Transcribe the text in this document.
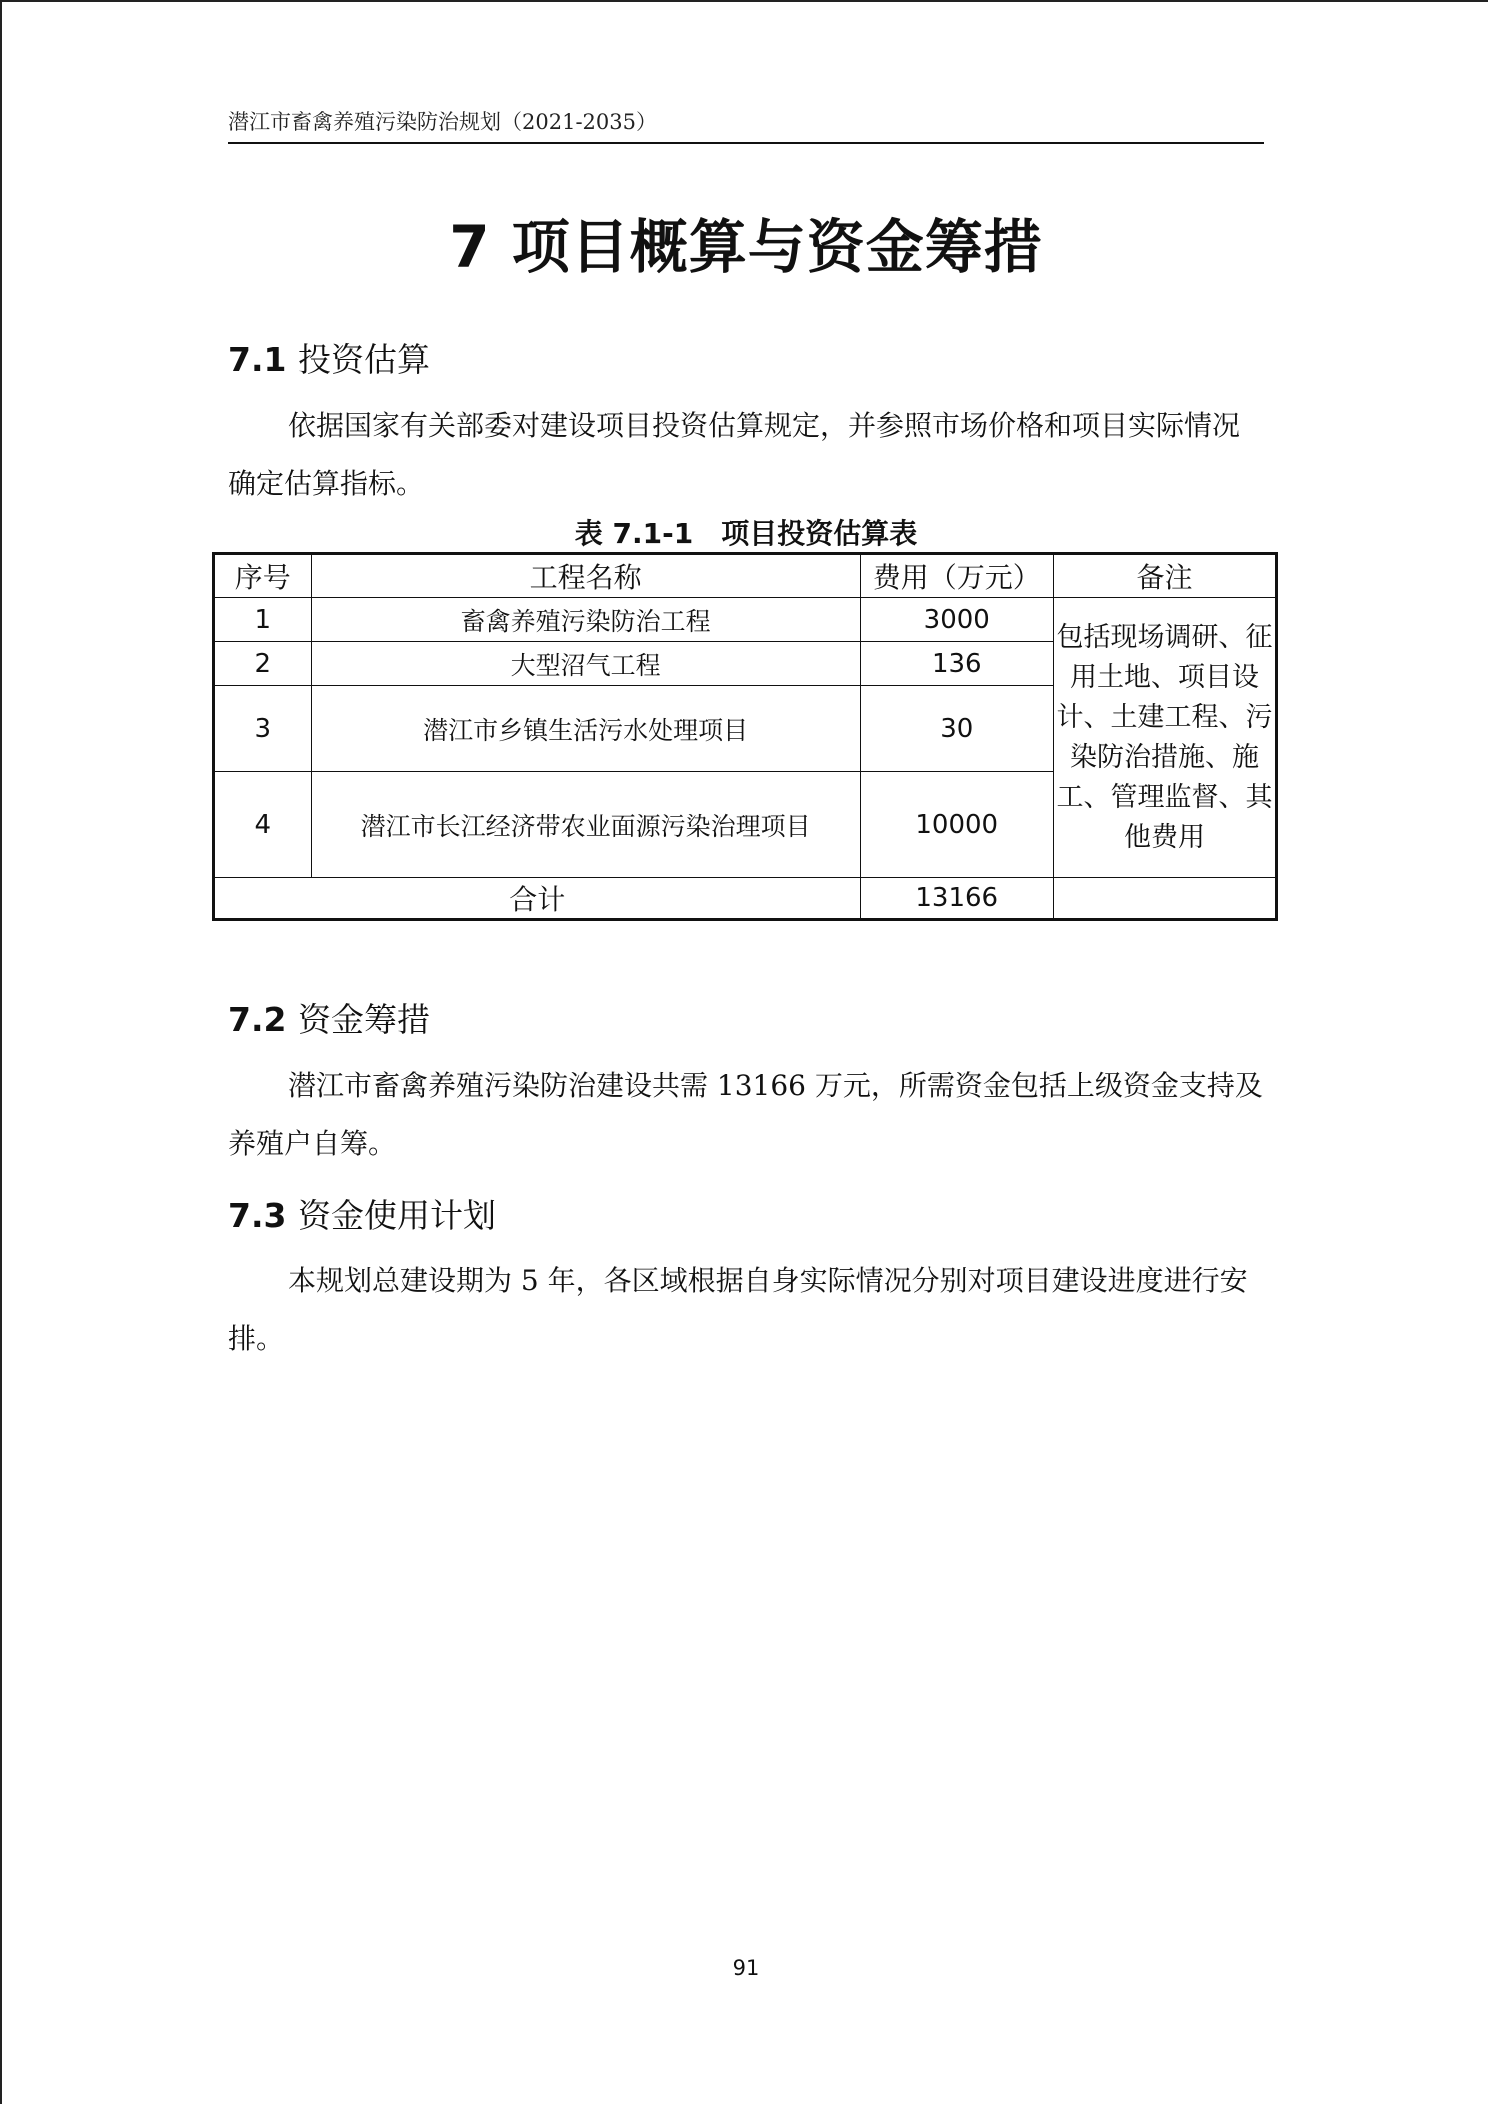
潜江市畜禽养殖污染防治规划（2021-2035）
7 项目概算与资金筹措
7.1 投资估算
依据国家有关部委对建设项目投资估算规定，并参照市场价格和项目实际情况确定估算指标。
表 7.1-1 项目投资估算表
序号	工程名称	费用（万元）	备注
1	畜禽养殖污染防治工程	3000	包括现场调研、征用土地、项目设计、土建工程、污染防治措施、施工、管理监督、其他费用
2	大型沼气工程	136	
3	潜江市乡镇生活污水处理项目	30	
4	潜江市长江经济带农业面源污染治理项目	10000	
合计		13166	
7.2 资金筹措
潜江市畜禽养殖污染防治建设共需 13166 万元，所需资金包括上级资金支持及养殖户自筹。
7.3 资金使用计划
本规划总建设期为 5 年，各区域根据自身实际情况分别对项目建设进度进行安排。
91
